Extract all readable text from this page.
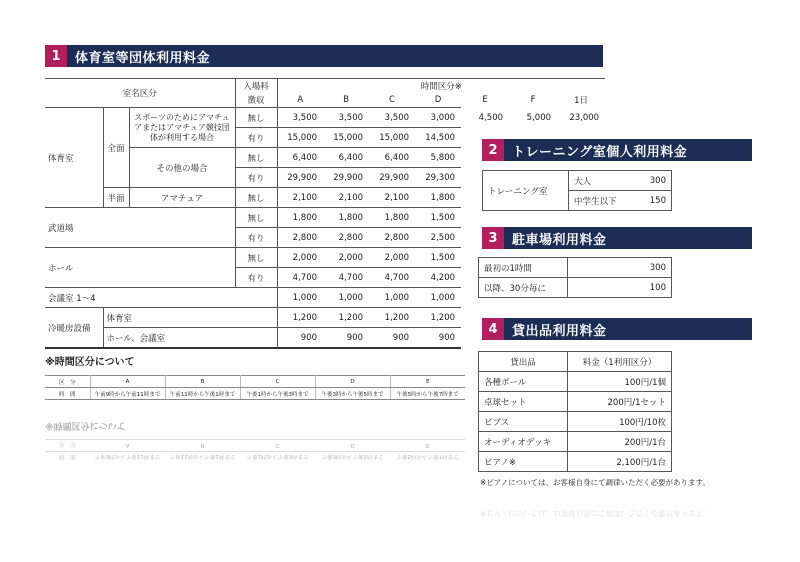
1	体育室等団体利用料金
室名区分			入場料	時間区分※						
			徴収	A	B	C	D	E	F	1日
体育室	全面	スポーツのためにアマチュ
アまたはアマチュア競技団
体が利用する場合	無し	3,500	3,500	3,500	3,000	4,500	5,000	23,000
			有り	15,000	15,000	15,000	14,500			
		その他の場合	無し	6,400	6,400	6,400	5,800			
			有り	29,900	29,900	29,900	29,300			
	半面	アマチュア	無し	2,100	2,100	2,100	1,800			
武道場			無し	1,800	1,800	1,800	1,500			
			有り	2,800	2,800	2,800	2,500			
ホール			無し	2,000	2,000	2,000	1,500			
			有り	4,700	4,700	4,700	4,200			
会議室 1〜4				1,000	1,000	1,000	1,000			
冷暖房設備	体育室			1,200	1,200	1,200	1,200			
	ホール、会議室			900	900	900	900			
※時間区分について
区　分	A	B	C	D	E
時　間	午前9時から午前11時まで	午前11時から午後1時まで	午後1時から午後3時まで	午後3時から午後5時まで	午後5時から午後7時まで
時　間	午前9時から午前11時まで	午前11時から午後1時まで	午後1時から午後3時まで	午後3時から午後5時まで	午後5時から午後7時まで
区　分	A	B	C	D	E
※時間区分について
2	トレーニング室個人利用料金
トレーニング室	大人	300
	中学生以下	150
3	駐車場利用料金
最初の1時間	300
以降、30分毎に	100
4	貸出品利用料金
貸出品	料金（1利用区分）
各種ボール	100円/1個
卓球セット	200円/1セット
ビブス	100円/10枚
オーディオデッキ	200円/1台
ピアノ※	2,100円/1台
※ピアノについては、お客様自身にて調律いただく必要があります。
※ピアノについては、お客様自身にて調律いただく必要があります。
